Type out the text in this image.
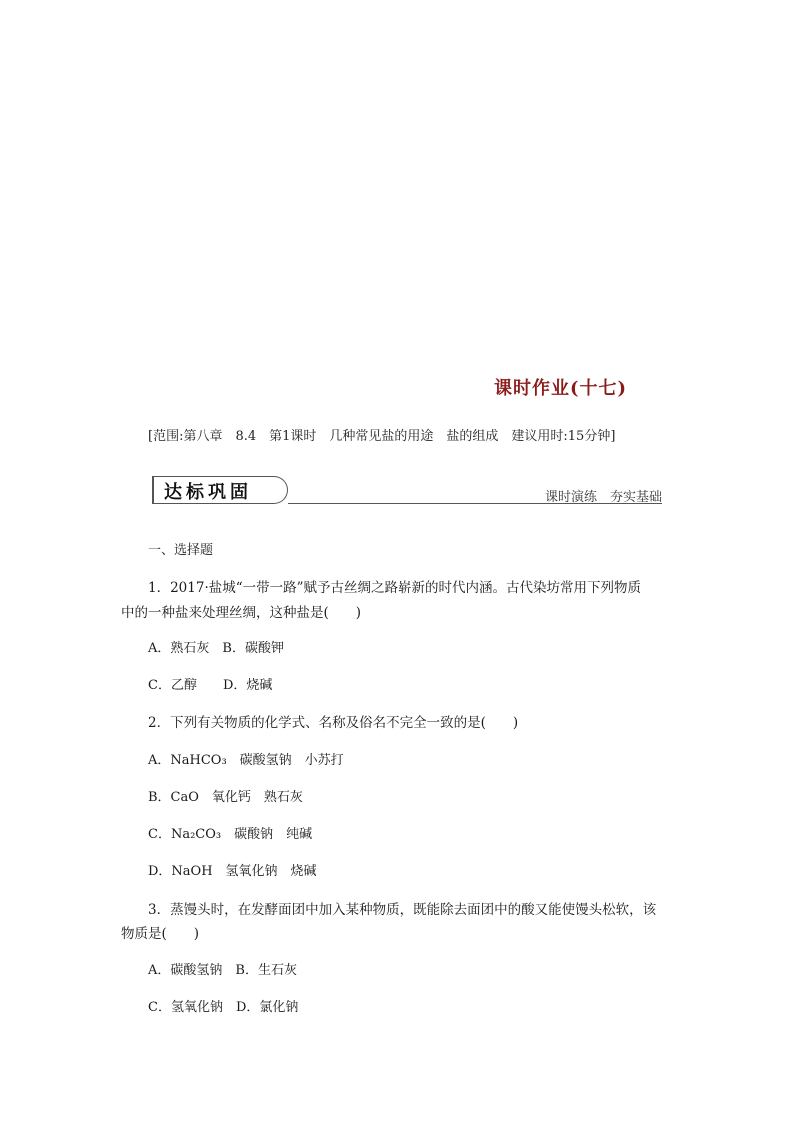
课时作业(十七)
[范围:第八章　8.4　第1课时　几种常见盐的用途　盐的组成　建议用时:15分钟]
达标巩固	课时演练　夯实基础
一、选择题
1．2017·盐城“一带一路”赋予古丝绸之路崭新的时代内涵。古代染坊常用下列物质
中的一种盐来处理丝绸，这种盐是(　　)
A．熟石灰　B．碳酸钾
C．乙醇　　D．烧碱
2．下列有关物质的化学式、名称及俗名不完全一致的是(　　)
A．NaHCO₃　碳酸氢钠　小苏打
B．CaO　氧化钙　熟石灰
C．Na₂CO₃　碳酸钠　纯碱
D．NaOH　氢氧化钠　烧碱
3．蒸馒头时，在发酵面团中加入某种物质，既能除去面团中的酸又能使馒头松软，该
物质是(　　)
A．碳酸氢钠　B．生石灰
C．氢氧化钠　D．氯化钠
